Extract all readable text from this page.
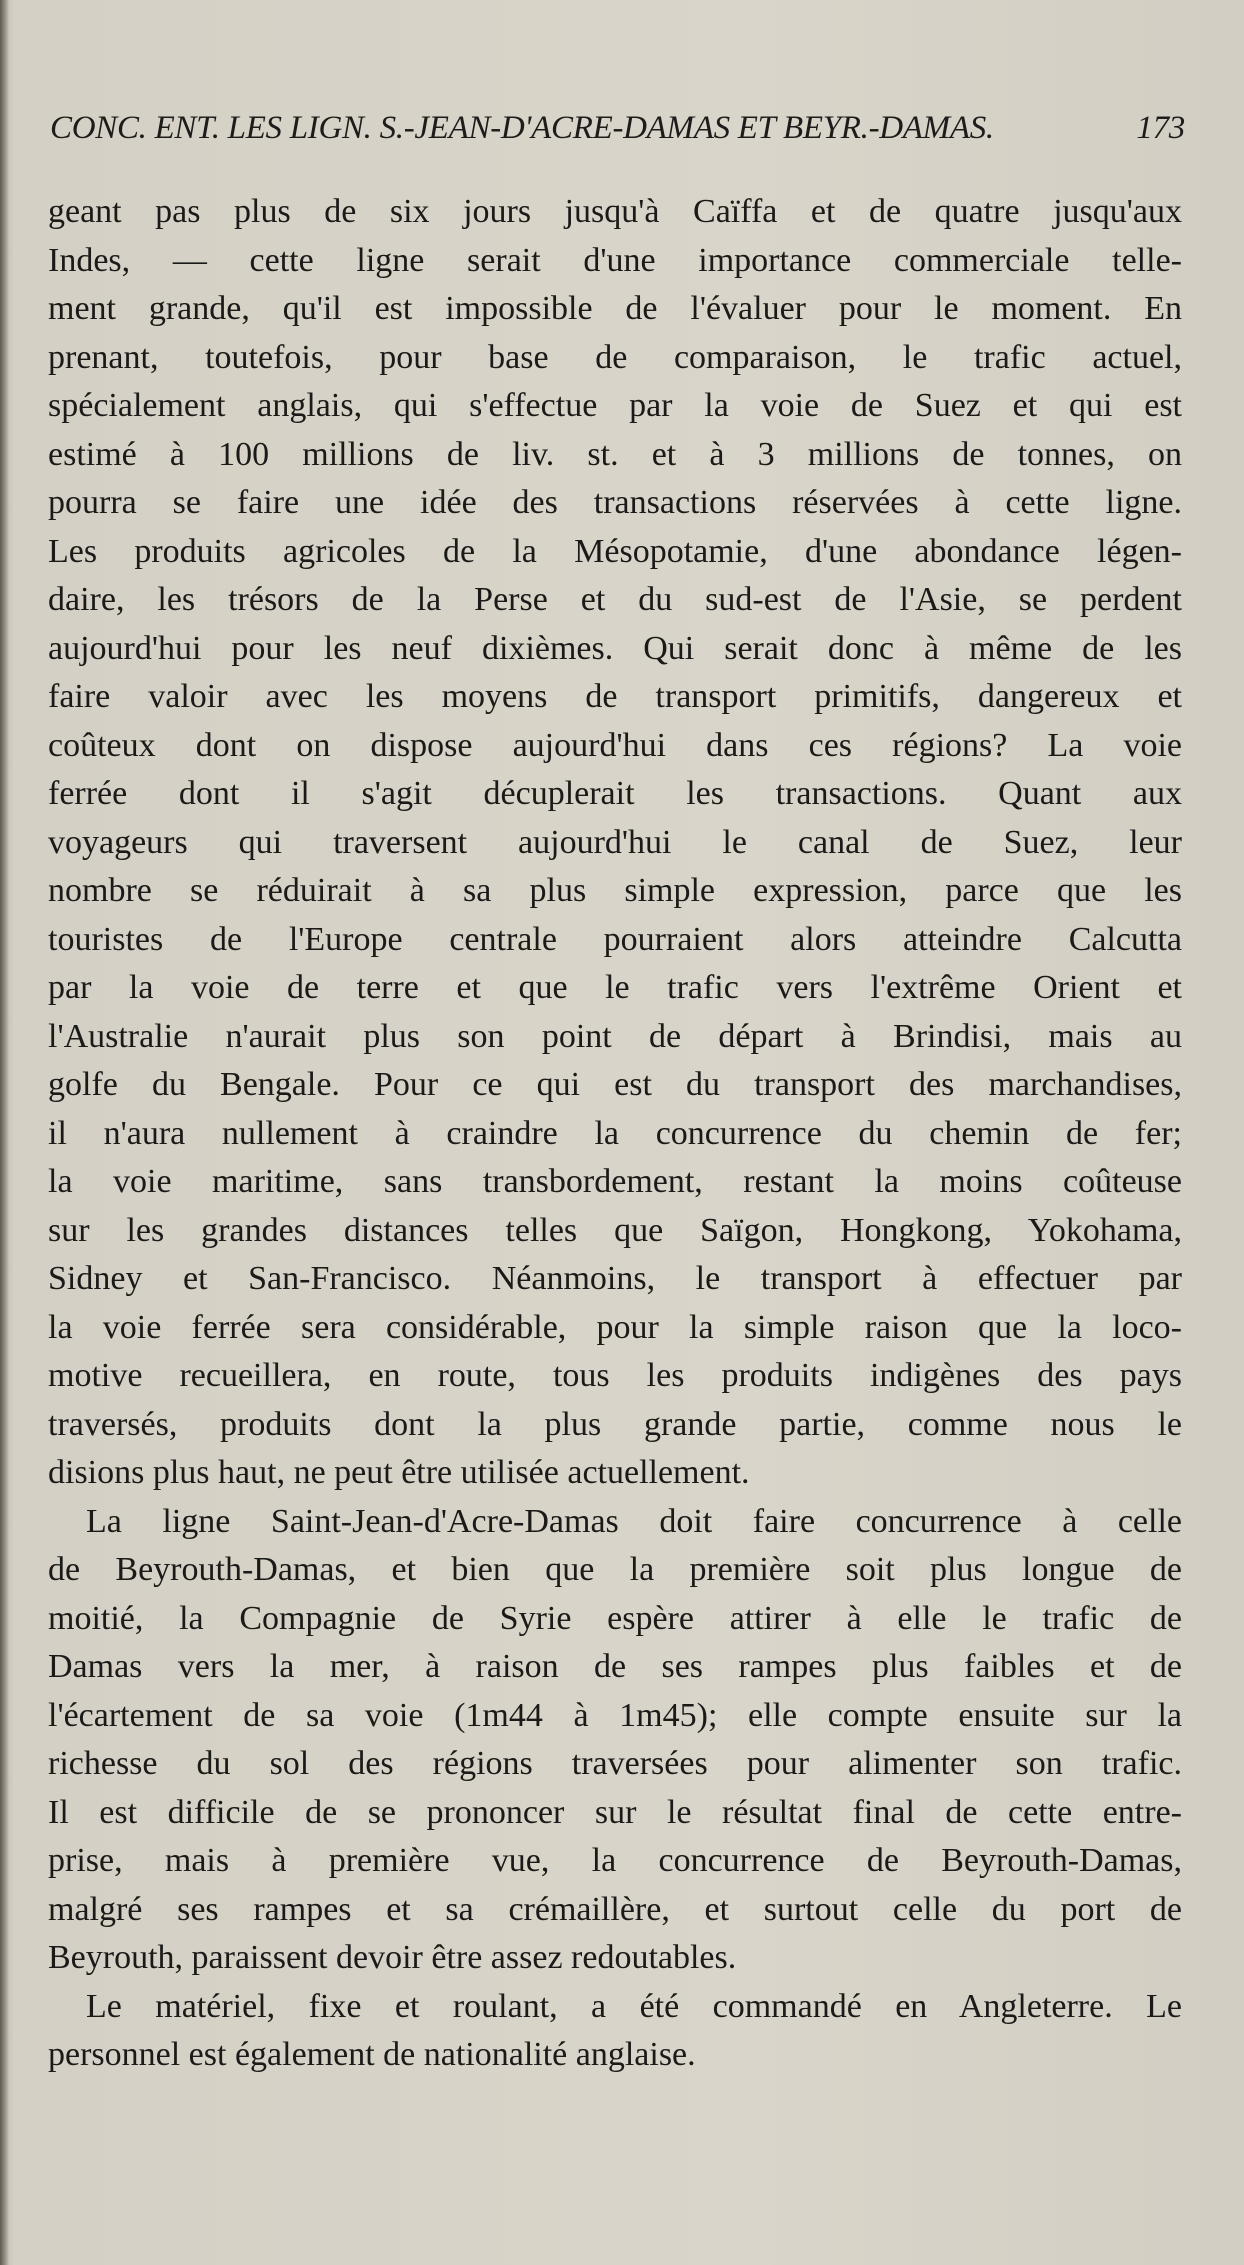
CONC. ENT. LES LIGN. S.-JEAN-D'ACRE-DAMAS ET BEYR.-DAMAS.	173
geant pas plus de six jours jusqu'à Caïffa et de quatre jusqu'aux
Indes, — cette ligne serait d'une importance commerciale telle-
ment grande, qu'il est impossible de l'évaluer pour le moment. En
prenant, toutefois, pour base de comparaison, le trafic actuel,
spécialement anglais, qui s'effectue par la voie de Suez et qui est
estimé à 100 millions de liv. st. et à 3 millions de tonnes, on
pourra se faire une idée des transactions réservées à cette ligne.
Les produits agricoles de la Mésopotamie, d'une abondance légen-
daire, les trésors de la Perse et du sud-est de l'Asie, se perdent
aujourd'hui pour les neuf dixièmes. Qui serait donc à même de les
faire valoir avec les moyens de transport primitifs, dangereux et
coûteux dont on dispose aujourd'hui dans ces régions? La voie
ferrée dont il s'agit décuplerait les transactions. Quant aux
voyageurs qui traversent aujourd'hui le canal de Suez, leur
nombre se réduirait à sa plus simple expression, parce que les
touristes de l'Europe centrale pourraient alors atteindre Calcutta
par la voie de terre et que le trafic vers l'extrême Orient et
l'Australie n'aurait plus son point de départ à Brindisi, mais au
golfe du Bengale. Pour ce qui est du transport des marchandises,
il n'aura nullement à craindre la concurrence du chemin de fer;
la voie maritime, sans transbordement, restant la moins coûteuse
sur les grandes distances telles que Saïgon, Hongkong, Yokohama,
Sidney et San-Francisco. Néanmoins, le transport à effectuer par
la voie ferrée sera considérable, pour la simple raison que la loco-
motive recueillera, en route, tous les produits indigènes des pays
traversés, produits dont la plus grande partie, comme nous le
disions plus haut, ne peut être utilisée actuellement.
La ligne Saint-Jean-d'Acre-Damas doit faire concurrence à celle
de Beyrouth-Damas, et bien que la première soit plus longue de
moitié, la Compagnie de Syrie espère attirer à elle le trafic de
Damas vers la mer, à raison de ses rampes plus faibles et de
l'écartement de sa voie (1m44 à 1m45); elle compte ensuite sur la
richesse du sol des régions traversées pour alimenter son trafic.
Il est difficile de se prononcer sur le résultat final de cette entre-
prise, mais à première vue, la concurrence de Beyrouth-Damas,
malgré ses rampes et sa crémaillère, et surtout celle du port de
Beyrouth, paraissent devoir être assez redoutables.
Le matériel, fixe et roulant, a été commandé en Angleterre. Le
personnel est également de nationalité anglaise.
